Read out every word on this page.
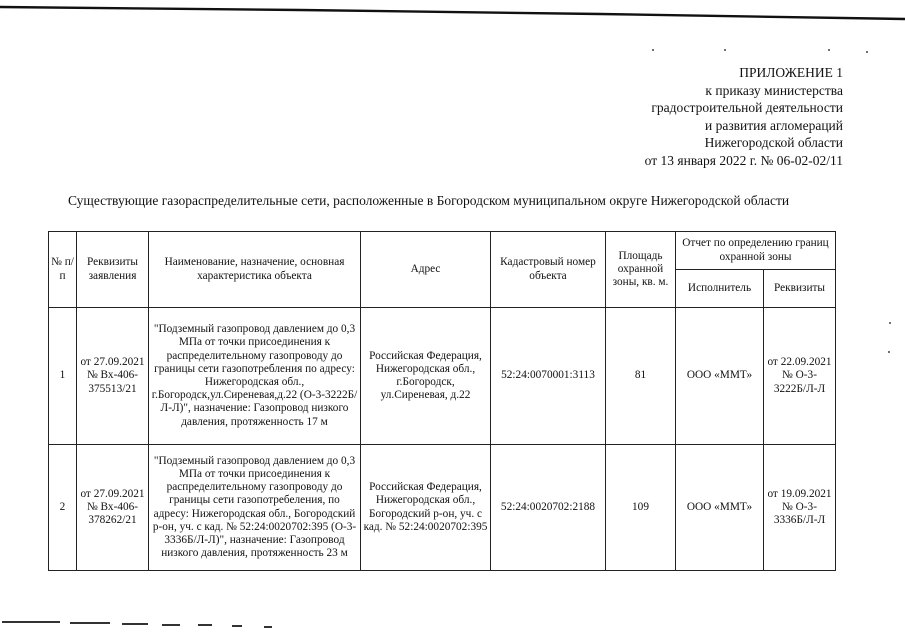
ПРИЛОЖЕНИЕ 1
к приказу министерства
градостроительной деятельности
и развития агломераций
Нижегородской области
от 13 января 2022 г. № 06-02-02/11
Существующие газораспределительные сети, расположенные в Богородском муниципальном округе Нижегородской области
№ п/п	Реквизиты заявления	Наименование, назначение, основная характеристика объекта	Адрес	Кадастровый номер объекта	Площадь охранной зоны, кв. м.	Отчет по определению границ охранной зоны	
						Исполнитель	Реквизиты
1	от 27.09.2021 № Вх-406-375513/21	"Подземный газопровод давлением до 0,3 МПа от точки присоединения к распределительному газопроводу до границы сети газопотребления по адресу: Нижегородская обл., г.Богородск,ул.Сиреневая,д.22 (О-3-3222Б/Л-Л)", назначение: Газопровод низкого давления, протяженность 17 м	Российская Федерация, Нижегородская обл., г.Богородск, ул.Сиреневая, д.22	52:24:0070001:3113	81	ООО «ММТ»	от 22.09.2021 № О-3-3222Б/Л-Л
2	от 27.09.2021 № Вх-406-378262/21	"Подземный газопровод давлением до 0,3 МПа от точки присоединения к распределительному газопроводу до границы сети газопотребеления, по адресу: Нижегородская обл., Богородский р-он, уч. с кад. № 52:24:0020702:395 (О-3-3336Б/Л-Л)", назначение: Газопровод низкого давления, протяженность 23 м	Российская Федерация, Нижегородская обл., Богородский р-он, уч. с кад. № 52:24:0020702:395	52:24:0020702:2188	109	ООО «ММТ»	от 19.09.2021 № О-3-3336Б/Л-Л
